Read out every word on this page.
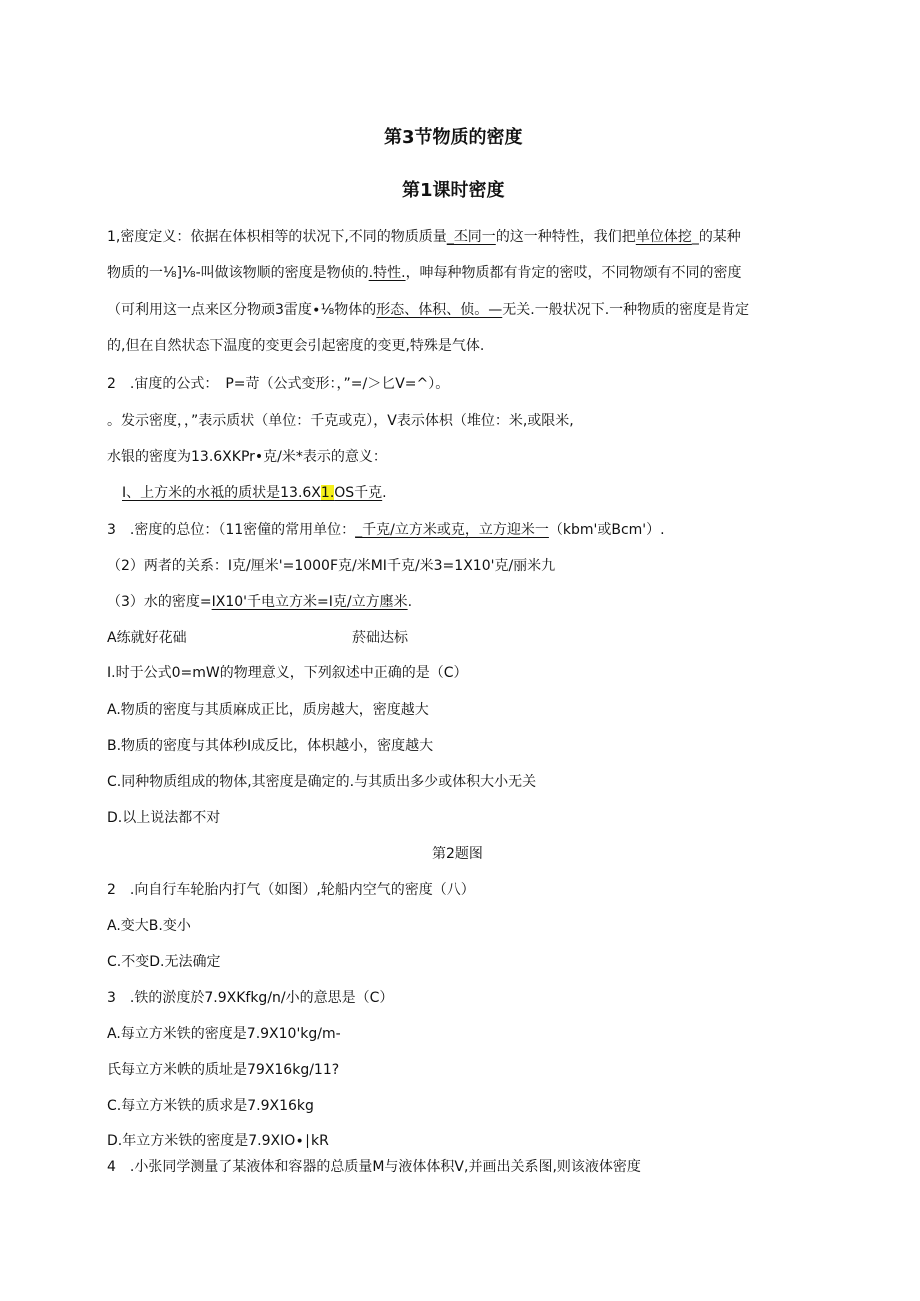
第3节物质的密度
第1课时密度
1,密度定义：依据在体枳相等的状况下,不同的物质质量_丕同一的这一种特性，我们把单位体挖_的某种
物质的一⅛]⅛-叫做该物顺的密度是物侦的.特性.，呻每种物质都有肯定的密哎，不同物颂有不同的密度
（可利用这一点来区分物顽3雷度∙⅛物体的形态、体积、侦。—无关.一般状况下.一种物质的密度是肯定
的,但在自然状态下温度的变更会引起密度的变更,特殊是气体.
2　.宙度的公式：　P=苛（公式变形：，”=/＞匕V=^）。
。发示密度，，”表示质状（单位：千克或克），V表示体枳（堆位：米,或限米,
水银的密度为13.6XKPr•克/米*表示的意义：
I、上方米的水祗的质状是13.6X1.OS千克.
3　.密度的总位：（11密僮的常用单位：_千克/立方米或克，立方迎米一（kbm'或Bcm'）.
（2）两者的关系：I克/厘米'=1000F克/米MI千克/米3=1X10'克/丽米九
（3）水的密度=IX10'千电立方米=I克/立方廛米.
A练就好花础	菸础达标
I.时于公式0=mW的物理意义，下列叙述中正确的是（C）
A.物质的密度与其质麻成正比，质房越大，密度越大
B.物质的密度与其体秒I成反比，体枳越小，密度越大
C.同种物质组成的物体,其密度是确定的.与其质出多少或体积大小无关
D.以上说法都不对
第2题图
2　.向自行车轮胎内打气（如图）,轮船内空气的密度（八）
A.变大B.变小
C.不变D.无法确定
3　.铁的淤度於7.9XKfkg/n/小的意思是（C）
A.每立方米铁的密度是7.9X10'kg/m-
氏每立方米帙的质址是79X16kg/11?
C.每立方米铁的质求是7.9X16kg
D.年立方米铁的密度是7.9XIO∙∣kR
4　.小张同学测量了某液体和容器的总质量M与液体体积V,并画出关系图,则该液体密度
